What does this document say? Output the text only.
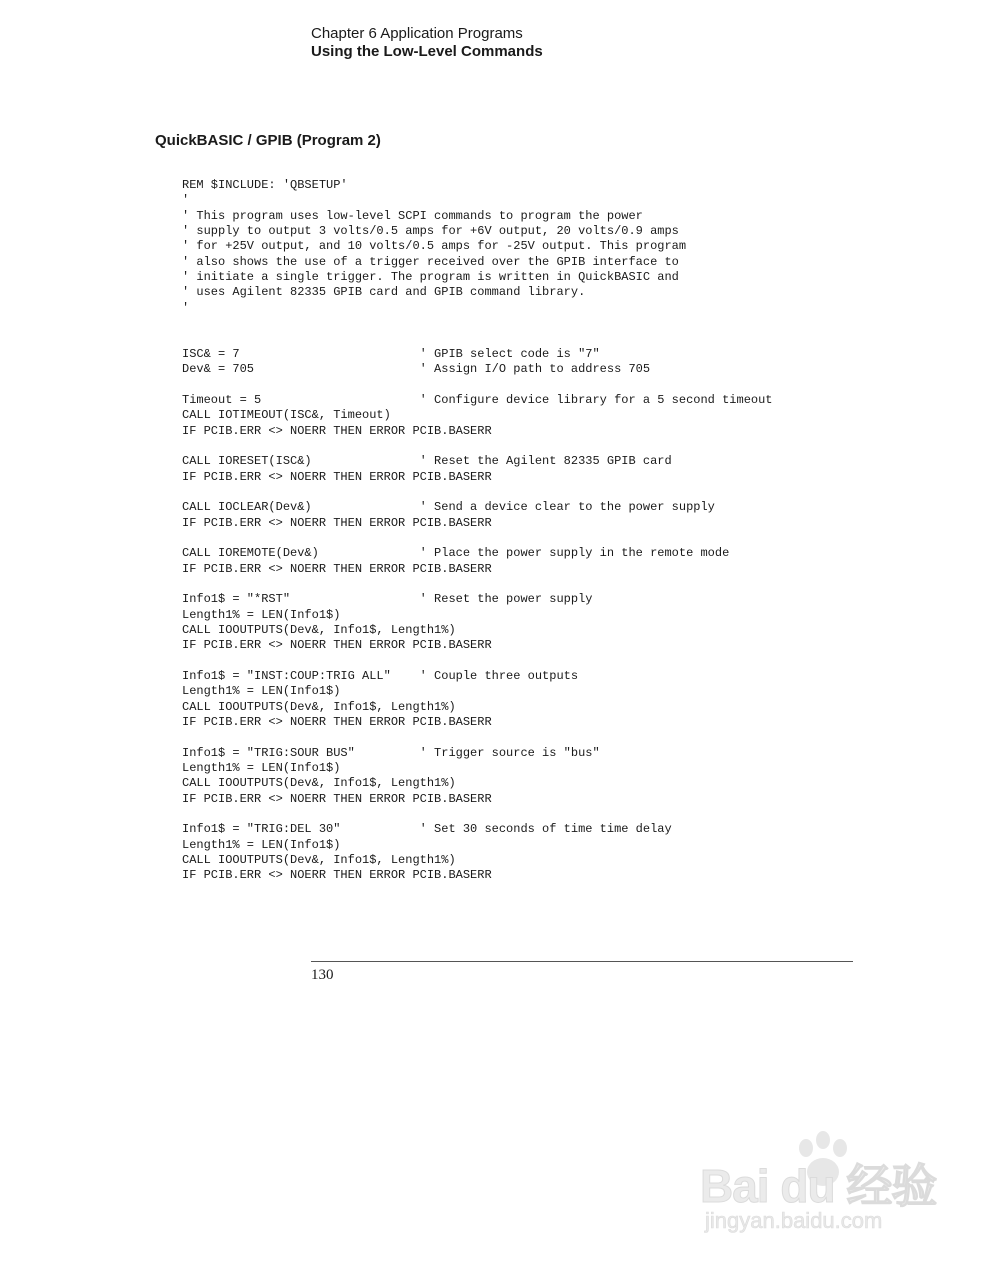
Chapter 6 Application Programs
Using the Low-Level Commands
QuickBASIC / GPIB (Program 2)
REM $INCLUDE: 'QBSETUP'
'
' This program uses low-level SCPI commands to program the power
' supply to output 3 volts/0.5 amps for +6V output, 20 volts/0.9 amps
' for +25V output, and 10 volts/0.5 amps for -25V output. This program
' also shows the use of a trigger received over the GPIB interface to
' initiate a single trigger. The program is written in QuickBASIC and
' uses Agilent 82335 GPIB card and GPIB command library.
'

ISC& = 7                         ' GPIB select code is "7"
Dev& = 705                       ' Assign I/O path to address 705

Timeout = 5                      ' Configure device library for a 5 second timeout
CALL IOTIMEOUT(ISC&, Timeout)
IF PCIB.ERR <> NOERR THEN ERROR PCIB.BASERR

CALL IORESET(ISC&)               ' Reset the Agilent 82335 GPIB card
IF PCIB.ERR <> NOERR THEN ERROR PCIB.BASERR

CALL IOCLEAR(Dev&)               ' Send a device clear to the power supply
IF PCIB.ERR <> NOERR THEN ERROR PCIB.BASERR

CALL IOREMOTE(Dev&)              ' Place the power supply in the remote mode
IF PCIB.ERR <> NOERR THEN ERROR PCIB.BASERR

Info1$ = "*RST"                  ' Reset the power supply
Length1% = LEN(Info1$)
CALL IOOUTPUTS(Dev&, Info1$, Length1%)
IF PCIB.ERR <> NOERR THEN ERROR PCIB.BASERR

Info1$ = "INST:COUP:TRIG ALL"    ' Couple three outputs
Length1% = LEN(Info1$)
CALL IOOUTPUTS(Dev&, Info1$, Length1%)
IF PCIB.ERR <> NOERR THEN ERROR PCIB.BASERR

Info1$ = "TRIG:SOUR BUS"         ' Trigger source is "bus"
Length1% = LEN(Info1$)
CALL IOOUTPUTS(Dev&, Info1$, Length1%)
IF PCIB.ERR <> NOERR THEN ERROR PCIB.BASERR

Info1$ = "TRIG:DEL 30"           ' Set 30 seconds of time time delay
Length1% = LEN(Info1$)
CALL IOOUTPUTS(Dev&, Info1$, Length1%)
IF PCIB.ERR <> NOERR THEN ERROR PCIB.BASERR
130
Bai du 经验
jingyan.baidu.com
